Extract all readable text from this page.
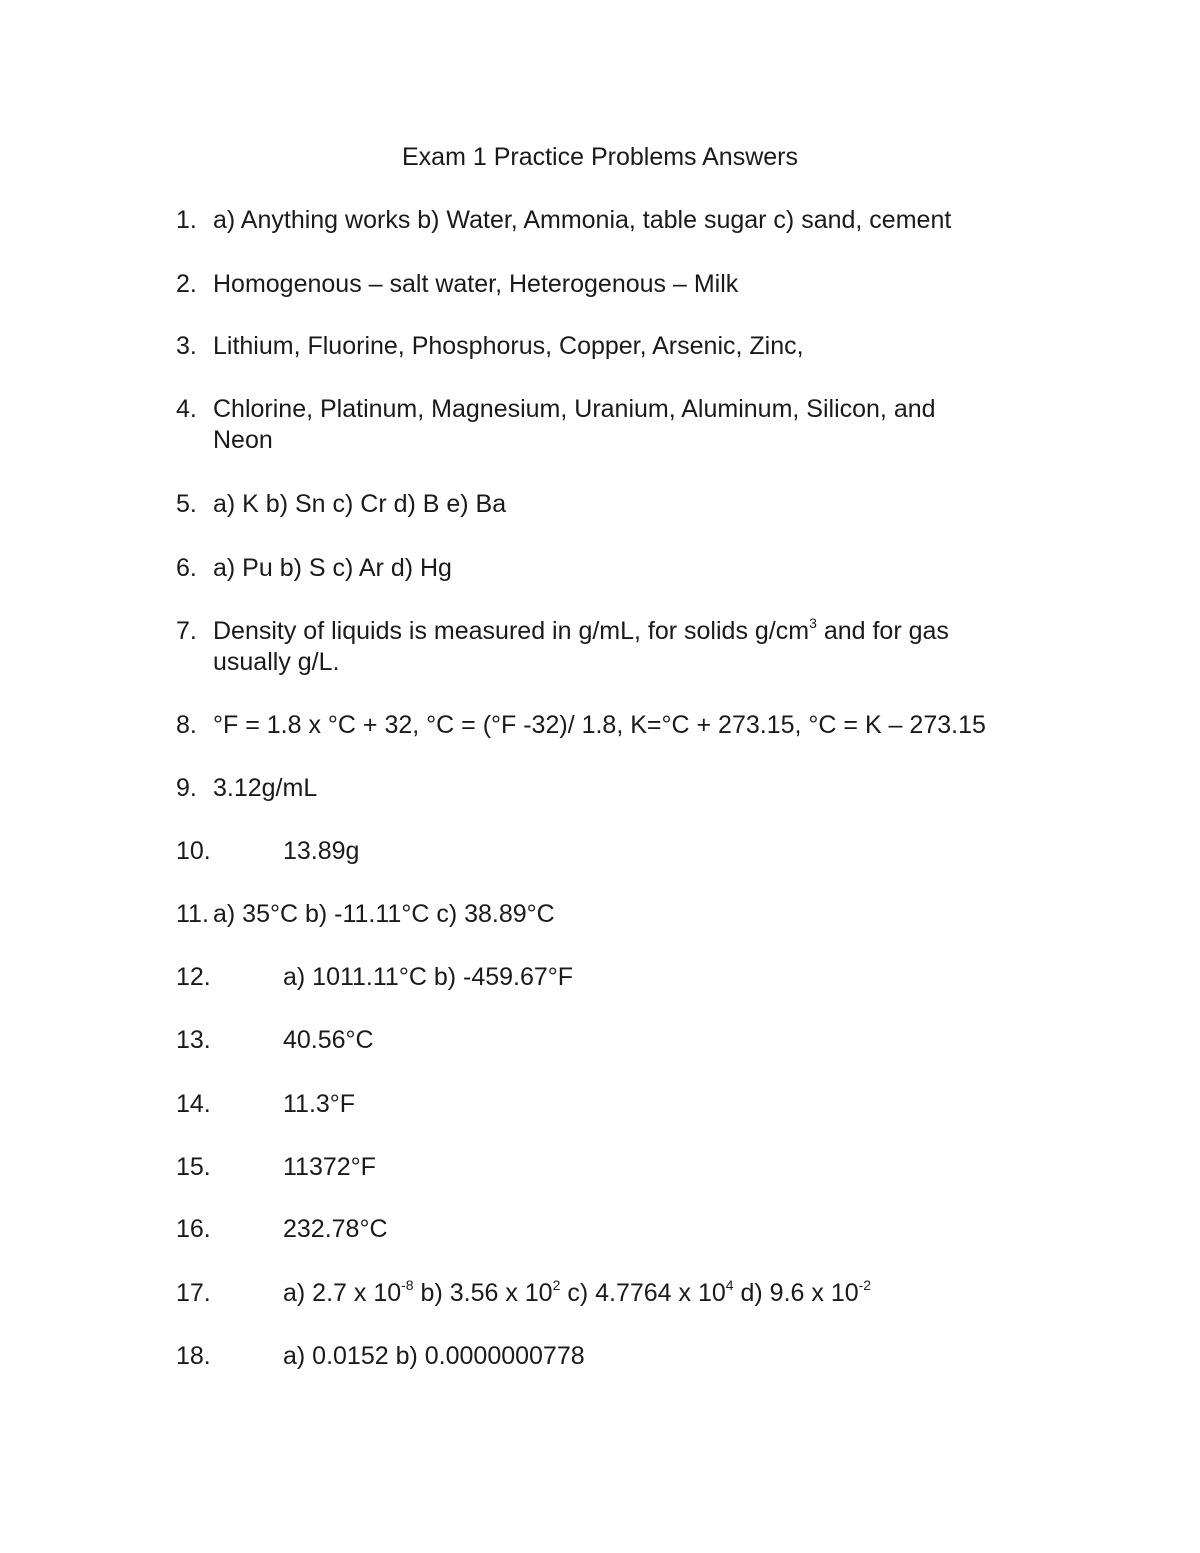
Exam 1 Practice Problems Answers
1. a) Anything works b) Water, Ammonia, table sugar c) sand, cement
2. Homogenous – salt water, Heterogenous – Milk
3. Lithium, Fluorine, Phosphorus, Copper, Arsenic, Zinc,
4. Chlorine, Platinum, Magnesium, Uranium, Aluminum, Silicon, and
Neon
5. a) K b) Sn c) Cr d) B e) Ba
6. a) Pu b) S c) Ar d) Hg
7. Density of liquids is measured in g/mL, for solids $g/cm^3$ and for gas
usually g/L.
8. °F = 1.8 x °C + 32, °C = (°F -32)/ 1.8, K=°C + 273.15, °C = K – 273.15
9. 3.12g/mL
10.	13.89g
11. a) 35°C b) -11.11°C c) 38.89°C
12.	a) 1011.11°C b) -459.67°F
13.	40.56°C
14.	11.3°F
15.	11372°F
16.	232.78°C
17.	a) 2.7 x $10^{-8}$ b) 3.56 x $10^2$ c) 4.7764 x $10^4$ d) 9.6 x $10^{-2}$
18.	a) 0.0152 b) 0.0000000778
